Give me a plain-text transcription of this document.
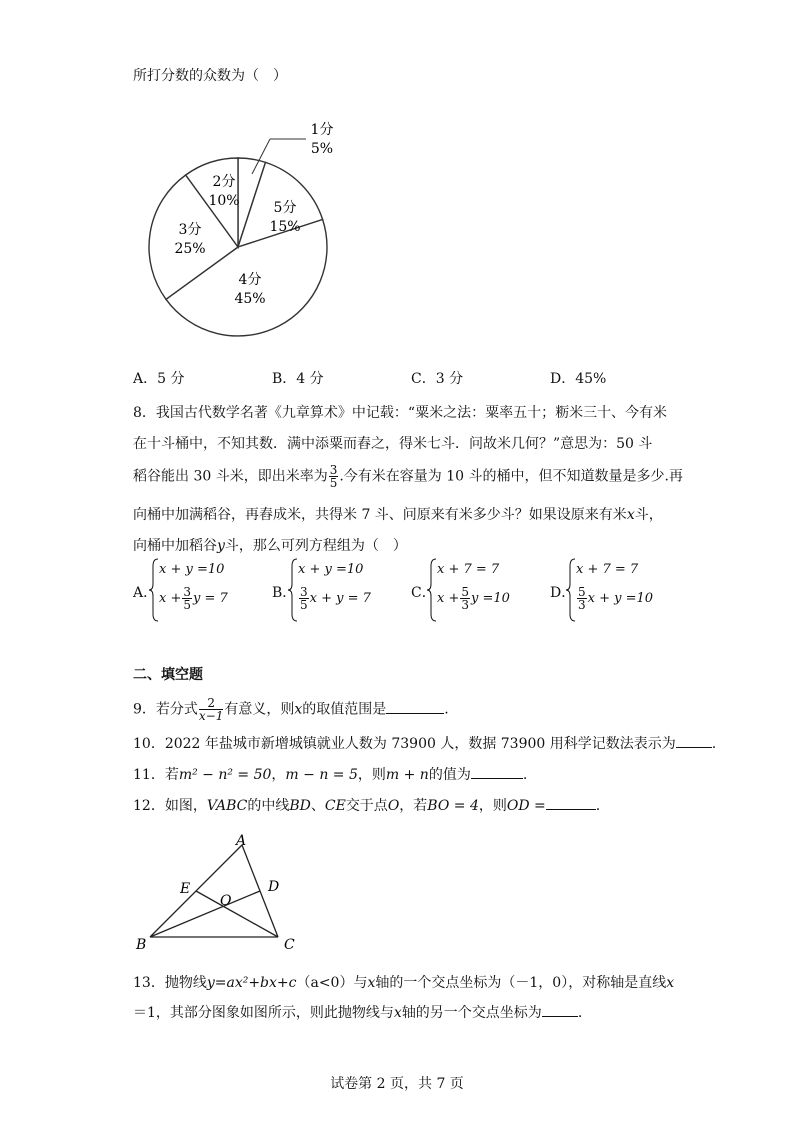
所打分数的众数为（　）
1分
5%
5分
15%
4分
45%
3分
25%
2分
10%
A．5 分	B．4 分	C．3 分	D．45%
8．我国古代数学名著《九章算术》中记载：“粟米之法：粟率五十；粝米三十、今有米
在十斗桶中，不知其数．满中添粟而舂之，得米七斗．问故米几何？”意思为：50 斗
稻谷能出 30 斗米，即出米率为 $\frac{3}{5}$ .今有米在容量为 10 斗的桶中，但不知道数量是多少.再
向桶中加满稻谷，再舂成米，共得米 7 斗、问原来有米多少斗？如果设原来有米x斗，
向桶中加稻谷y斗，那么可列方程组为（　）
A．
x + y =10
$x + \frac{3}{5}$ y = 7	B．
x + y =10
$\frac{3}{5}$ x + y = 7	C．
x + 7 = 7
$x + \frac{5}{3}$ y =10	D．
x + 7 = 7
$\frac{5}{3}$ x + y =10
二、填空题
9．若分式 $\frac{2}{x-1}$ 有意义，则x的取值范围是	.
10．2022 年盐城市新增城镇就业人数为 73900 人，数据 73900 用科学记数法表示为	.
11．若m² − n² = 50，m − n = 5，则m + n的值为	.
12．如图，VABC的中线BD、CE交于点O，若BO = 4，则OD =	.
A
B	C
D
E
O
13．抛物线y=ax²+bx+c（a<0）与x轴的一个交点坐标为（－1，0），对称轴是直线x
＝1，其部分图象如图所示，则此抛物线与x轴的另一个交点坐标为	.
试卷第 2 页，共 7 页
